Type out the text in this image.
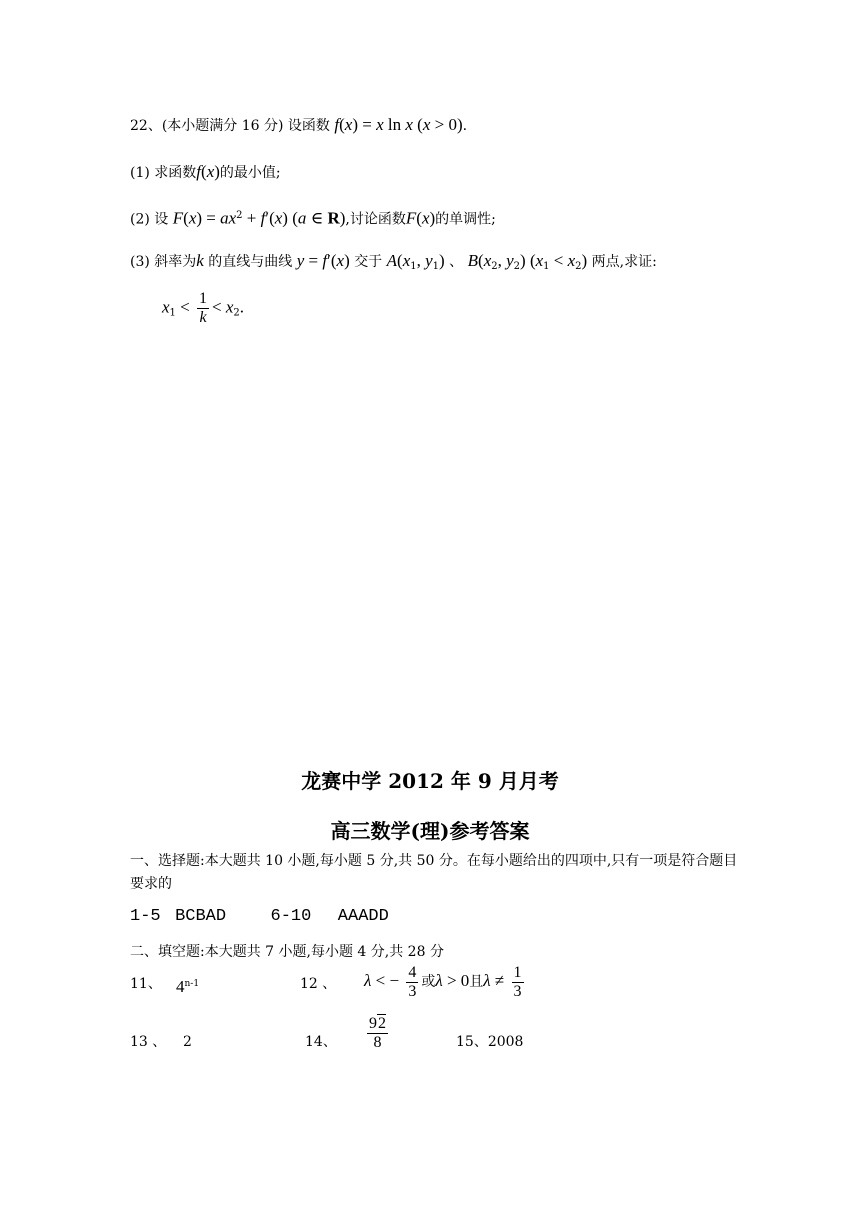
22、(本小题满分 16 分) 设函数 f(x) = x ln x (x > 0).
(1) 求函数f(x)的最小值;
(2) 设 $F(x) = ax^2 + f'(x)$ (a ∈ R),讨论函数F(x)的单调性;
(3) 斜率为k 的直线与曲线 y = f′(x) 交于 $A(x_1$, $y_1$) 、 $B(x_2$, $y_2$) $(x_1 < x_2)$ 两点,求证:
$x_1 < \frac{1}{k} < x_2$.
龙赛中学 2012 年 9 月月考
高三数学(理)参考答案
一、选择题:本大题共 10 小题,每小题 5 分,共 50 分。在每小题给出的四项中,只有一项是符合题目要求的
1-5 BCBAD	6-10 AAADD
二、填空题:本大题共 7 小题,每小题 4 分,共 28 分
11、 4$^{n-1}$	12 、 λ < − $\frac{4}{3}$ 或λ > 0且$\lambda \ne \frac{1}{3}$
13 、 2	14、 $\frac{92}{8}$	15、2008
